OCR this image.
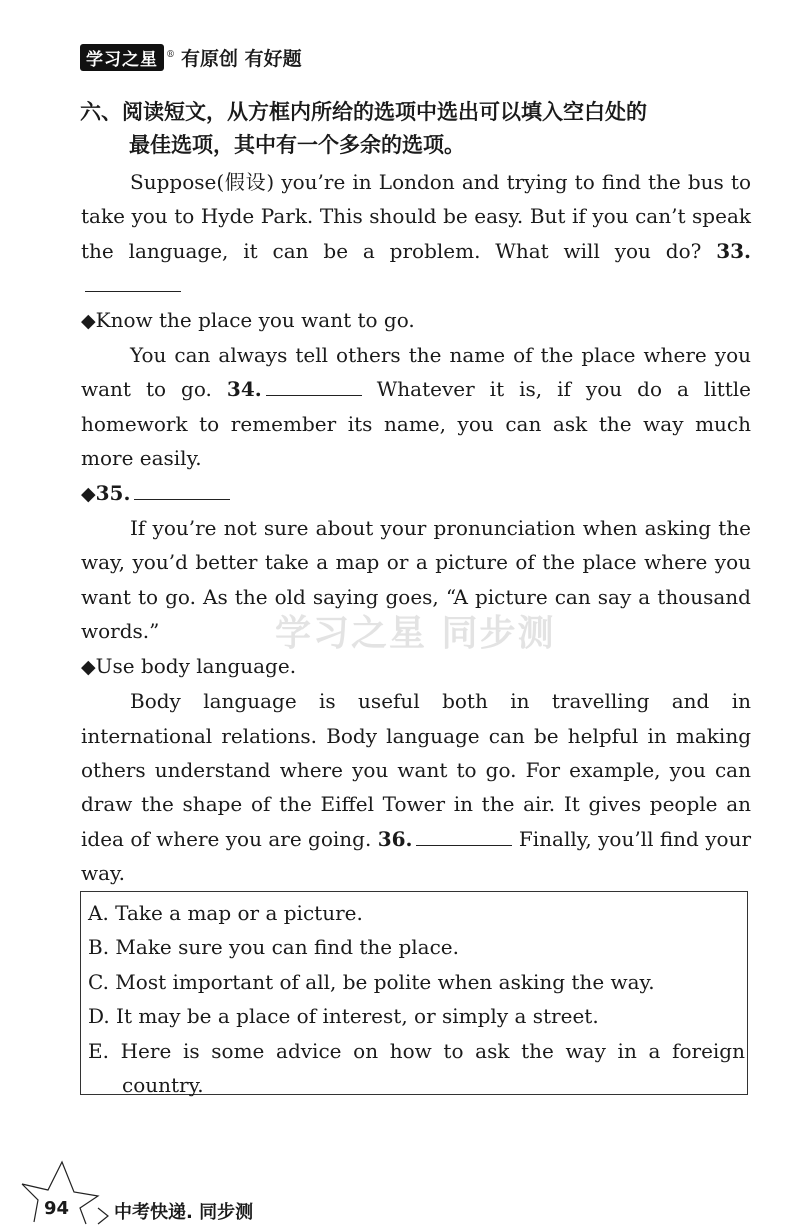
学习之星 ® 有原创 有好题
六、阅读短文，从方框内所给的选项中选出可以填入空白处的
最佳选项，其中有一个多余的选项。

Suppose(假设) you’re in London and trying to find the bus to take you to Hyde Park. This should be easy. But if you can’t speak the language, it can be a problem. What will you do? 33.

◆Know the place you want to go.

You can always tell others the name of the place where you want to go. 34.	Whatever it is, if you do a little homework to remember its name, you can ask the way much more easily.

◆35.

If you’re not sure about your pronunciation when asking the way, you’d better take a map or a picture of the place where you want to go. As the old saying goes, “A picture can say a thousand words.”

◆Use body language.

Body language is useful both in travelling and in international relations. Body language can be helpful in making others understand where you want to go. For example, you can draw the shape of the Eiffel Tower in the air. It gives people an idea of where you are going. 36.	Finally, you’ll find your way.

学习之星 同步测
A. Take a map or a picture.
B. Make sure you can find the place.
C. Most important of all, be polite when asking the way.
D. It may be a place of interest, or simply a street.
E. Here is some advice on how to ask the way in a foreign country.
94 中考快递. 同步测
